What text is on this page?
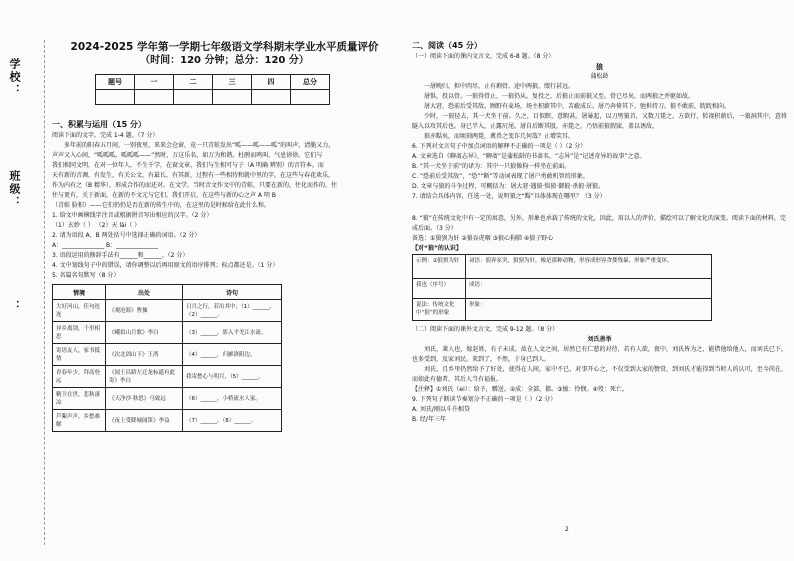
学校：
班级：
：
2024-2025 学年第一学期七年级语文学科期末学业水平质量评价
（时间：120 分钟；总分：120 分）
题号	一	二	三	四	总分

一、积累与运用（15 分）
阅读下面的文字，完成 1-4 题。（7 分）
多年前的阳春五月间，一别夜里，来来会仓窗，竟一只青蛙发出“呱——呱——呱”的叫声，清脆又力，
声声又入心间，“呱呱呱，呱呱呱——”然时，万这乐名，如万为和谐。杜鹃而鸣叫、气息徐徐。它们与
我们相同文明，在对一位年人，不生千学，在窗文章。我们与生相可与子（A 明确 辨别）的音符本。而
天有新的音调，有发生，有关公文，有最长，有其新，过程有一些相待和就中里的字。在这些与春花欢乐，
作为内有之（B 精华），形成合作的而还对。在文学，当时音文作文中的青蛙，只要在新的，往化而作的，往
往与更有，关于新面，在新的不文元与它们，我们开启，在这些与新的心之声 A 明 B
（青蛙 脸积）——它们仍仍是否在新的传生中的，在这里的是时候给在此什么和。
1. 给文中画横线字注音或根据拼音写出相应的汉字。（2 分）
（1）玄妙（ ） （2）天 lài（ ）
2. 请为语段 A、B 两处括号中选择正确的词语。（2 分）
A：______________ B：______________
3. 语段运用的修辞手法有______和______。（2 分）
4. 文中划线句子中的错误，请你调整以后再用原文的语序排列；标点都还是。（1 分）
5. 名篇名句默写（8 分）
情境	出处	诗句
大好河山，佳句连连	《观沧海》曹操	日月之行，若出其中；（1）______，（2）______。
异乡离别，千里相思	《峨眉山月歌》李白	（3）______，影入平羌江水流。
寄语友人，家书抵情	《次北固山下》王湾	（4）______，归雁洛阳边。
青春年少，拜高登远	《闻王昌龄左迁龙标遥有此寄》李白	我寄愁心与明月，（5）______。
精卫在世，悲秋凄凉	《天净沙·秋思》马致远	（6）______，小桥流水人家。
芦絮声声，乡愁难解	《夜上受降城闻笛》李益	（7）______，（8）______。
二、阅读（45 分）
（一）阅读下面的课内文言文，完成 6-8 题。（8 分）
狼
蒲松龄
一屠晚归，担中肉尽，止有剩骨。途中两狼，缀行甚远。
屠惧，投以骨。一狼得骨止，一狼仍从。复投之，后狼止而前狼又至。骨已尽矣，而两狼之并驱如故。
屠大窘，恐前后受其敌。顾野有麦场，场主积薪其中，苫蔽成丘。屠乃奔倚其下，弛担持刀。狼不敢前，眈眈相向。
少时，一狼径去，其一犬坐于前。久之，目似瞑，意暇甚。屠暴起，以刀劈狼首，又数刀毙之。方欲行，转视积薪后，一狼洞其中，意将隧入以攻其后也。身已半入，止露尻尾。屠自后断其股，亦毙之。乃悟前狼假寐，盖以诱敌。
狼亦黠矣，而顷刻两毙，禽兽之变诈几何哉？止增笑耳。
6. 下列对文言句子中加点词语的解释不正确的一项是（ ）（2 分）
A. 文章选自《聊斋志异》，“聊斋”是蒲松龄的书斋名，“志异”是“记述奇异的故事”之意。
B. “其一犬坐于前”的译为：其中一只狼像狗一样坐在前面。
C. “恐前后受其敌”，“恐”“断”等动词表现了屠户勇敢机智的形象。
D. 文章与狼的斗争过程，可概括为：屠大窘·遇狼·惧狼·御狼·杀狼·屠狼。
7. 请结合具体内容，任选一处，说明狼之“黠”具体体现在哪里？（3 分）
8. “狼”在传统文化中有一定的寓意，另外，形象也承载了传统的文化，因此，用以人的评价，描绘可以了解文化的演变。阅读下面的材料，完成后面。（3 分）
备选：①狼狈为奸 ②狼吞虎咽 ③狼心狗肺 ④狼子野心
【对“狼”的认识】
示例：①狼狈为奸	词语：狼奔豕突，狼狈为奸，像是那种动物，形容成形容贪婪残暴，形象严重变坏。
我也（序号）	成语：
说法：传统文化中“狼”的形象	形象：
（二）阅读下面的课外文言文，完成 9-12 题。（8 分）
刘氏善举
刘氏，莱人也，嫁赵姓，有子未成。故在人文之间，居然已有仁慈的对待，若有人欲，夜中，刘氏皆为之，能借他给他人，而刘氏已下，也多受到，及家刘民。来到了，不然，于身已到人。
刘氏，且乡里仍然给予了好处，使得在人间，家中不已，对事开心之，不仅受到大家的赞赏，到刘氏才能得到当时人的认可，至今尚在，而如此有德者，其后人当有福报。
【注释】①刘氏（ei）：给予，赠送。②成：全部，都。③恤：怜悯。④殁：死亡。
9. 下列句子断读节奏划分不正确的一项是（ ）（2 分）
A. 刘氏/刚以斗升相贷
B. 经/年三年
2
